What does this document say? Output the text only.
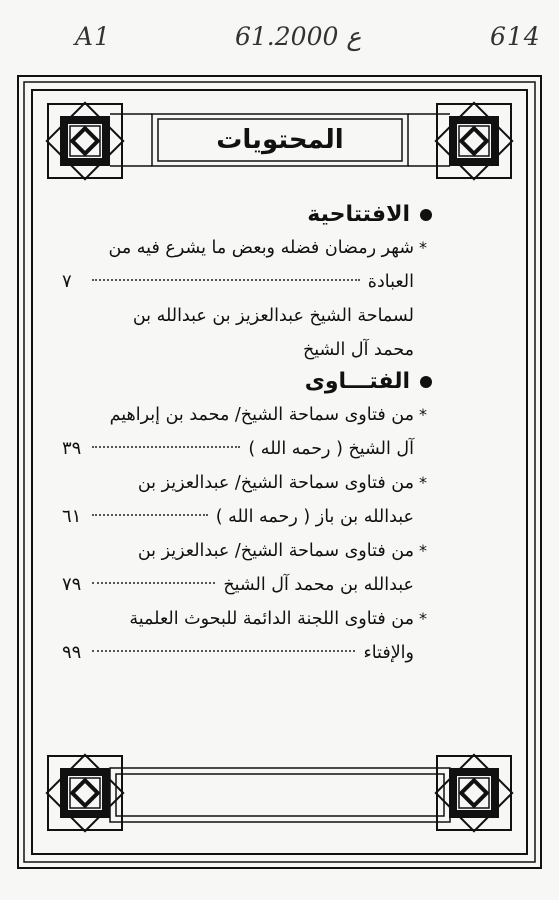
A1	61.ع 2000	614
المحتويات
الافتتاحية
*
شهر رمضان فضله وبعض ما يشرع فيه من
العبادة
٧
لسماحة الشيخ عبدالعزيز بن عبدالله بن
محمد آل الشيخ
الفتـــاوى
*
من فتاوى سماحة الشيخ/ محمد بن إبراهيم
آل الشيخ ( رحمه الله )
٣٩
*
من فتاوى سماحة الشيخ/ عبدالعزيز بن
عبدالله بن باز ( رحمه الله )
٦١
*
من فتاوى سماحة الشيخ/ عبدالعزيز بن
عبدالله بن محمد آل الشيخ
٧٩
*
من فتاوى اللجنة الدائمة للبحوث العلمية
والإفتاء
٩٩
